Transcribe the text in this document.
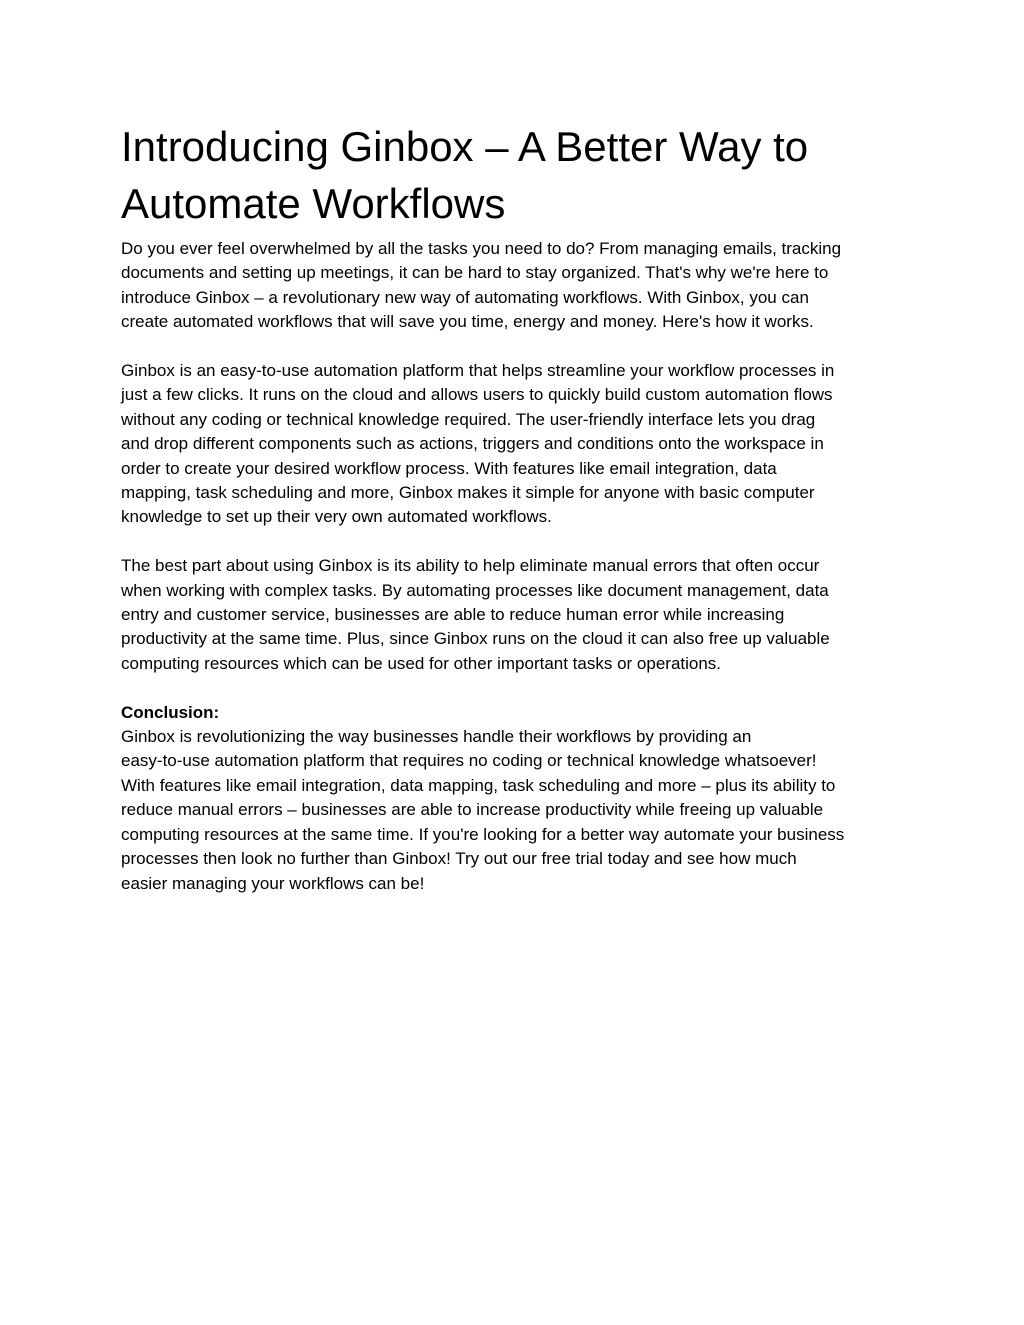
Introducing Ginbox – A Better Way to
Automate Workflows

Do you ever feel overwhelmed by all the tasks you need to do? From managing emails, tracking
documents and setting up meetings, it can be hard to stay organized. That's why we're here to
introduce Ginbox – a revolutionary new way of automating workflows. With Ginbox, you can
create automated workflows that will save you time, energy and money. Here's how it works.

Ginbox is an easy-to-use automation platform that helps streamline your workflow processes in
just a few clicks. It runs on the cloud and allows users to quickly build custom automation flows
without any coding or technical knowledge required. The user-friendly interface lets you drag
and drop different components such as actions, triggers and conditions onto the workspace in
order to create your desired workflow process. With features like email integration, data
mapping, task scheduling and more, Ginbox makes it simple for anyone with basic computer
knowledge to set up their very own automated workflows.

The best part about using Ginbox is its ability to help eliminate manual errors that often occur
when working with complex tasks. By automating processes like document management, data
entry and customer service, businesses are able to reduce human error while increasing
productivity at the same time. Plus, since Ginbox runs on the cloud it can also free up valuable
computing resources which can be used for other important tasks or operations.

Conclusion:
Ginbox is revolutionizing the way businesses handle their workflows by providing an
easy-to-use automation platform that requires no coding or technical knowledge whatsoever!
With features like email integration, data mapping, task scheduling and more – plus its ability to
reduce manual errors – businesses are able to increase productivity while freeing up valuable
computing resources at the same time. If you're looking for a better way automate your business
processes then look no further than Ginbox! Try out our free trial today and see how much
easier managing your workflows can be!
